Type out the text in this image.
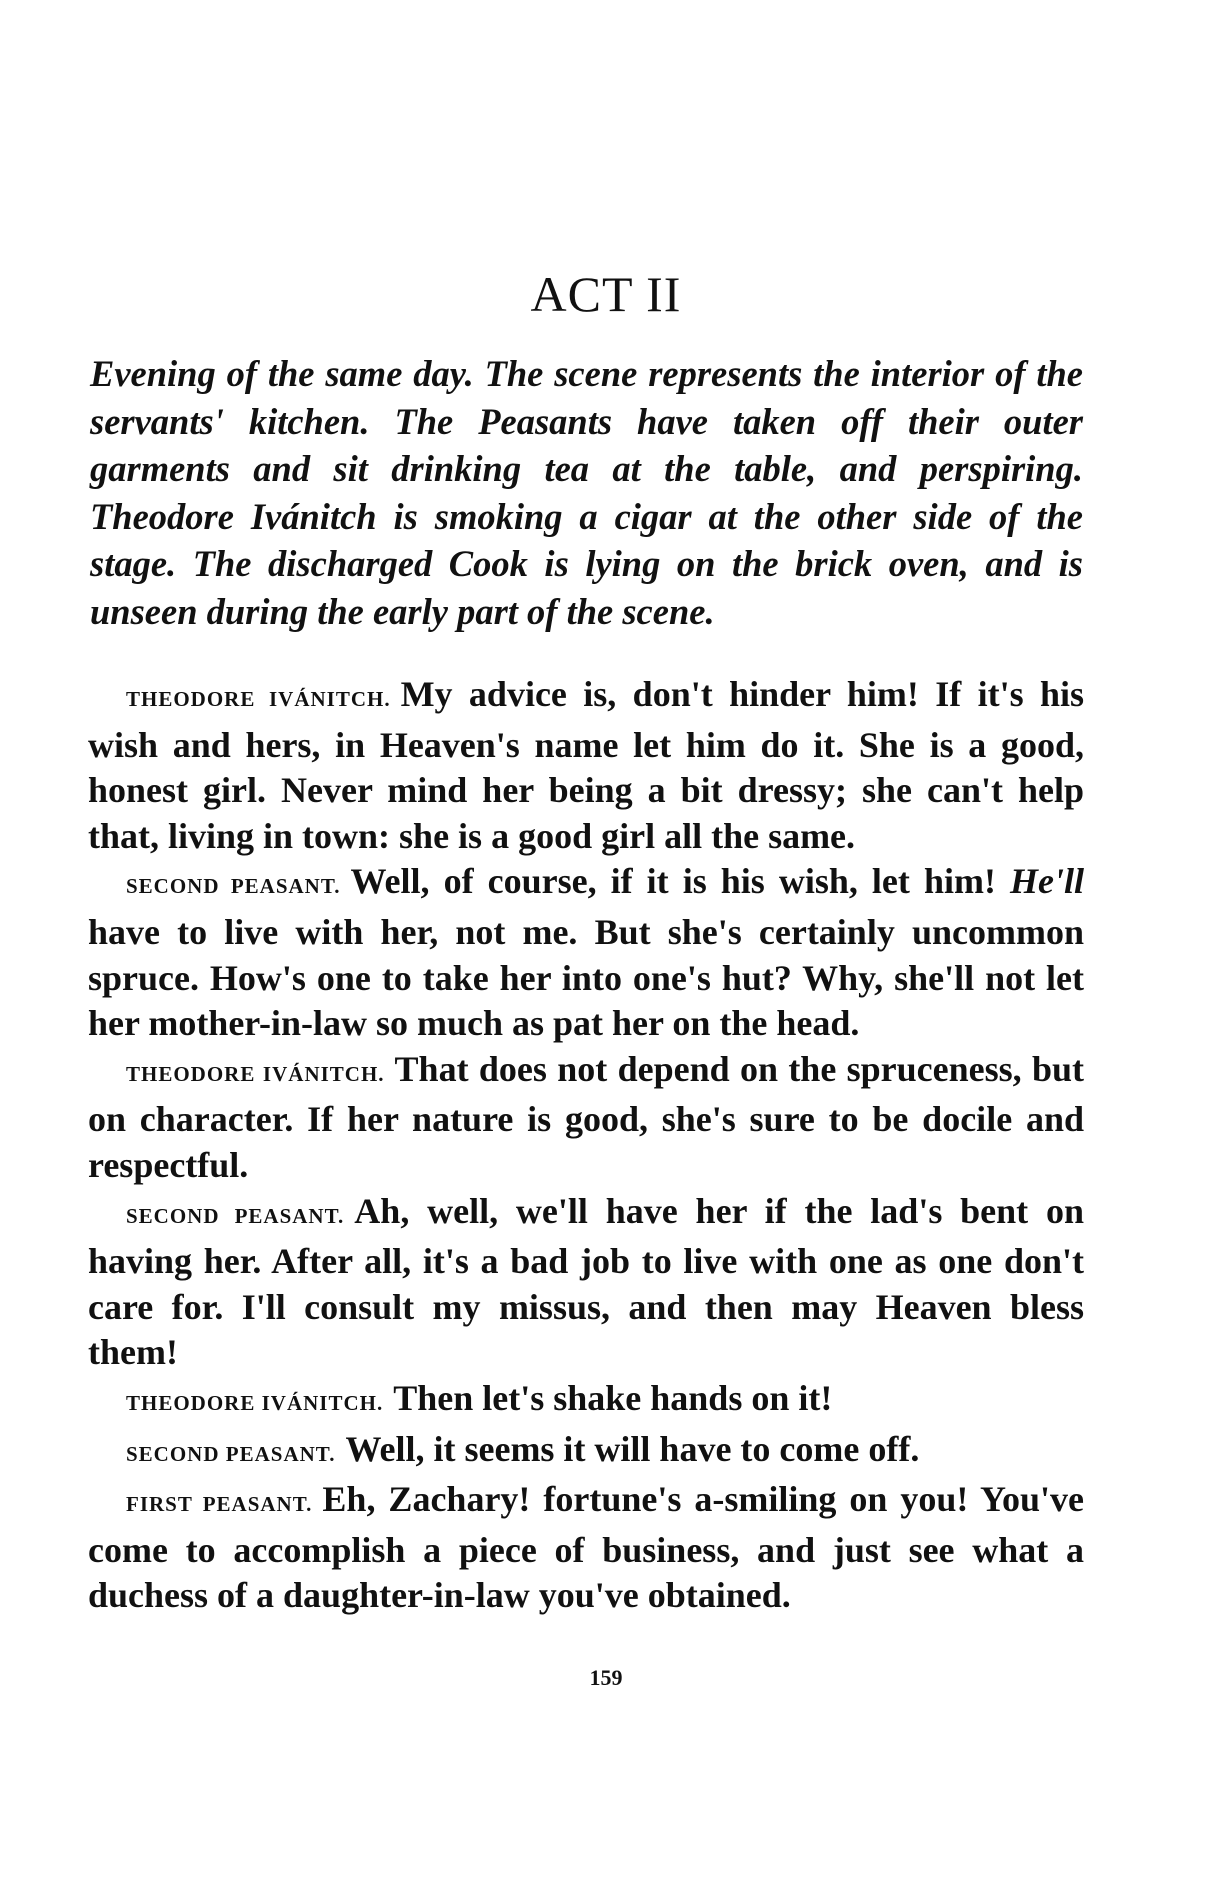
ACT II

Evening of the same day. The scene represents the interior of the servants' kitchen. The Peasants have taken off their outer garments and sit drinking tea at the table, and perspiring. Theodore Ivánitch is smoking a cigar at the other side of the stage. The discharged Cook is lying on the brick oven, and is unseen during the early part of the scene.

THEODORE IVÁNITCH. My advice is, don't hinder him! If it's his wish and hers, in Heaven's name let him do it. She is a good, honest girl. Never mind her being a bit dressy; she can't help that, living in town: she is a good girl all the same.

SECOND PEASANT. Well, of course, if it is his wish, let him! He'll have to live with her, not me. But she's certainly uncommon spruce. How's one to take her into one's hut? Why, she'll not let her mother-in-law so much as pat her on the head.

THEODORE IVÁNITCH. That does not depend on the spruceness, but on character. If her nature is good, she's sure to be docile and respectful.

SECOND PEASANT. Ah, well, we'll have her if the lad's bent on having her. After all, it's a bad job to live with one as one don't care for. I'll consult my missus, and then may Heaven bless them!

THEODORE IVÁNITCH. Then let's shake hands on it!

SECOND PEASANT. Well, it seems it will have to come off.

FIRST PEASANT. Eh, Zachary! fortune's a-smiling on you! You've come to accomplish a piece of business, and just see what a duchess of a daughter-in-law you've obtained.

159
